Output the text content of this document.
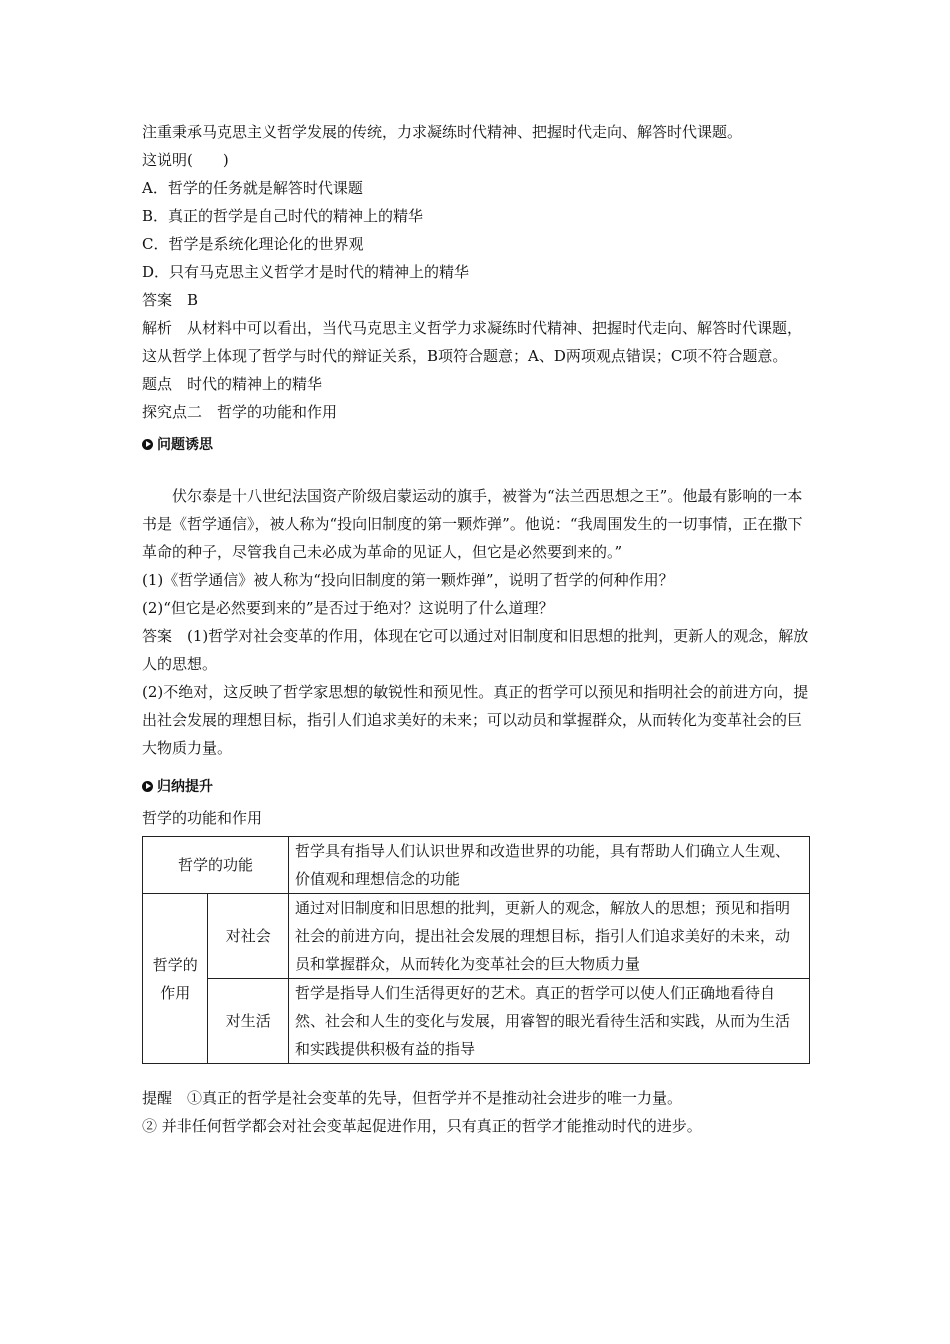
注重秉承马克思主义哲学发展的传统，力求凝练时代精神、把握时代走向、解答时代课题。

这说明(　　)

A．哲学的任务就是解答时代课题

B．真正的哲学是自己时代的精神上的精华

C．哲学是系统化理论化的世界观

D．只有马克思主义哲学才是时代的精神上的精华

答案　B

解析　从材料中可以看出，当代马克思主义哲学力求凝练时代精神、把握时代走向、解答时代课题，这从哲学上体现了哲学与时代的辩证关系，B项符合题意；A、D两项观点错误；C项不符合题意。

题点　时代的精神上的精华

探究点二　哲学的功能和作用

问题诱思

伏尔泰是十八世纪法国资产阶级启蒙运动的旗手，被誉为“法兰西思想之王”。他最有影响的一本书是《哲学通信》，被人称为“投向旧制度的第一颗炸弹”。他说：“我周围发生的一切事情，正在撒下革命的种子，尽管我自己未必成为革命的见证人，但它是必然要到来的。”

(1)《哲学通信》被人称为“投向旧制度的第一颗炸弹”，说明了哲学的何种作用？

(2)“但它是必然要到来的”是否过于绝对？这说明了什么道理？

答案　(1)哲学对社会变革的作用，体现在它可以通过对旧制度和旧思想的批判，更新人的观念，解放人的思想。

(2)不绝对，这反映了哲学家思想的敏锐性和预见性。真正的哲学可以预见和指明社会的前进方向，提出社会发展的理想目标，指引人们追求美好的未来；可以动员和掌握群众，从而转化为变革社会的巨大物质力量。

归纳提升

哲学的功能和作用

哲学的功能		哲学具有指导人们认识世界和改造世界的功能，具有帮助人们确立人生观、价值观和理想信念的功能
哲学的作用	对社会	通过对旧制度和旧思想的批判，更新人的观念，解放人的思想；预见和指明社会的前进方向，提出社会发展的理想目标，指引人们追求美好的未来，动员和掌握群众，从而转化为变革社会的巨大物质力量
	对生活	哲学是指导人们生活得更好的艺术。真正的哲学可以使人们正确地看待自然、社会和人生的变化与发展，用睿智的眼光看待生活和实践，从而为生活和实践提供积极有益的指导

提醒　①真正的哲学是社会变革的先导，但哲学并不是推动社会进步的唯一力量。

② 并非任何哲学都会对社会变革起促进作用，只有真正的哲学才能推动时代的进步。
